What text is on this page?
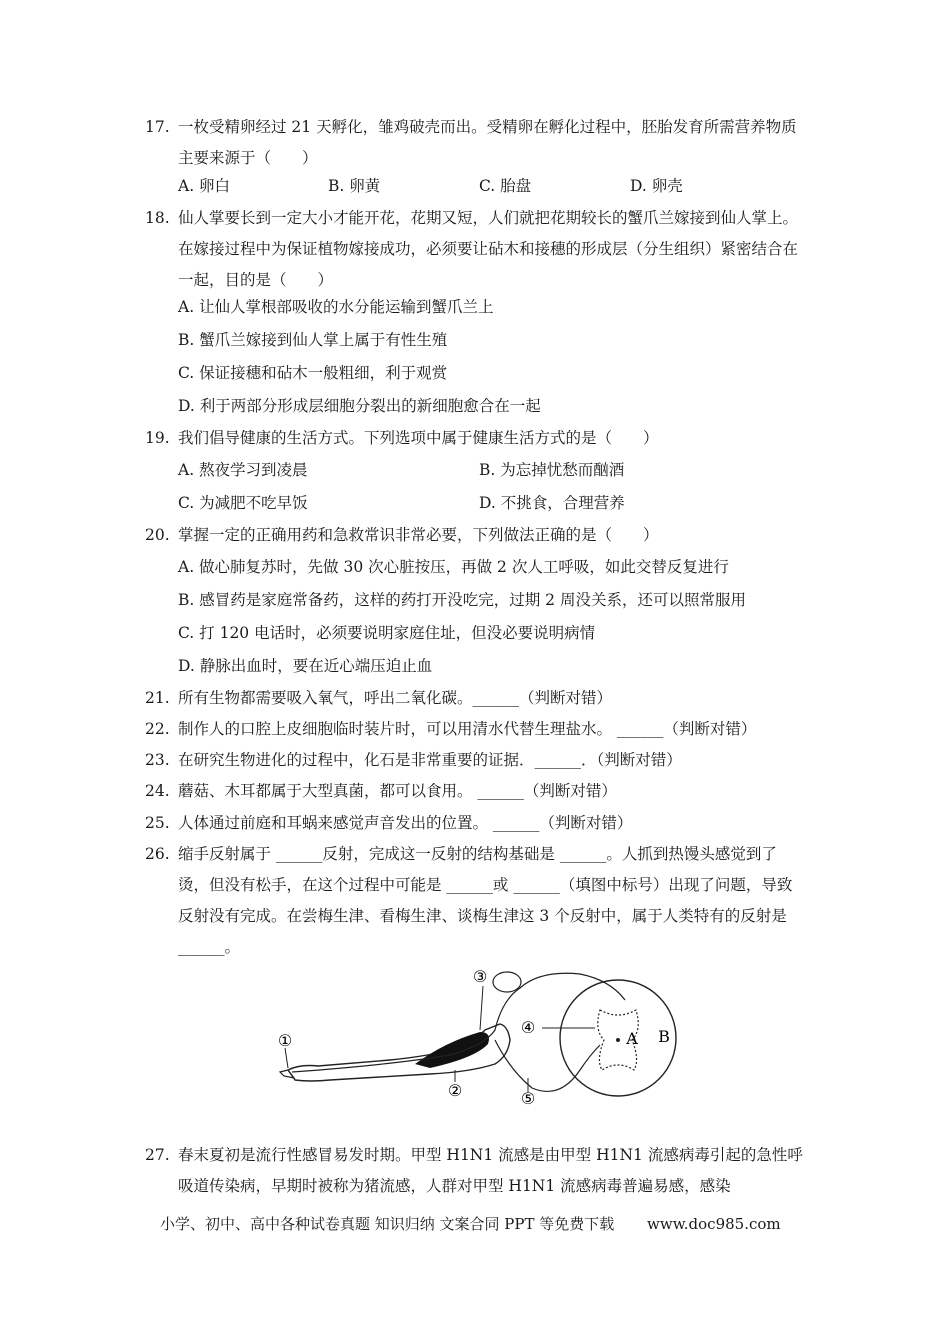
17. 一枚受精卵经过 21 天孵化，雏鸡破壳而出。受精卵在孵化过程中，胚胎发育所需营养物质主要来源于（　　）
A. 卵白	B. 卵黄	C. 胎盘	D. 卵壳
18. 仙人掌要长到一定大小才能开花，花期又短，人们就把花期较长的蟹爪兰嫁接到仙人掌上。在嫁接过程中为保证植物嫁接成功，必须要让砧木和接穗的形成层（分生组织）紧密结合在一起，目的是（　　）
A. 让仙人掌根部吸收的水分能运输到蟹爪兰上
B. 蟹爪兰嫁接到仙人掌上属于有性生殖
C. 保证接穗和砧木一般粗细，利于观赏
D. 利于两部分形成层细胞分裂出的新细胞愈合在一起
19. 我们倡导健康的生活方式。下列选项中属于健康生活方式的是（　　）
A. 熬夜学习到凌晨	B. 为忘掉忧愁而酗酒
C. 为减肥不吃早饭	D. 不挑食，合理营养
20. 掌握一定的正确用药和急救常识非常必要，下列做法正确的是（　　）
A. 做心肺复苏时，先做 30 次心脏按压，再做 2 次人工呼吸，如此交替反复进行
B. 感冒药是家庭常备药，这样的药打开没吃完，过期 2 周没关系，还可以照常服用
C. 打 120 电话时，必须要说明家庭住址，但没必要说明病情
D. 静脉出血时，要在近心端压迫止血
21. 所有生物都需要吸入氧气，呼出二氧化碳。______（判断对错）
22. 制作人的口腔上皮细胞临时装片时，可以用清水代替生理盐水。 ______（判断对错）
23. 在研究生物进化的过程中，化石是非常重要的证据．______．（判断对错）
24. 蘑菇、木耳都属于大型真菌，都可以食用。 ______（判断对错）
25. 人体通过前庭和耳蜗来感觉声音发出的位置。 ______（判断对错）
26. 缩手反射属于 ______反射，完成这一反射的结构基础是 ______。人抓到热馒头感觉到了烫，但没有松手，在这个过程中可能是 ______或 ______（填图中标号）出现了问题，导致反射没有完成。在尝梅生津、看梅生津、谈梅生津这 3 个反射中，属于人类特有的反射是 ______。
①
②
③
④
⑤
A B
27. 春末夏初是流行性感冒易发时期。甲型 H1N1 流感是由甲型 H1N1 流感病毒引起的急性呼吸道传染病，早期时被称为猪流感，人群对甲型 H1N1 流感病毒普遍易感，感染
小学、初中、高中各种试卷真题 知识归纳 文案合同 PPT 等免费下载 www.doc985.com
